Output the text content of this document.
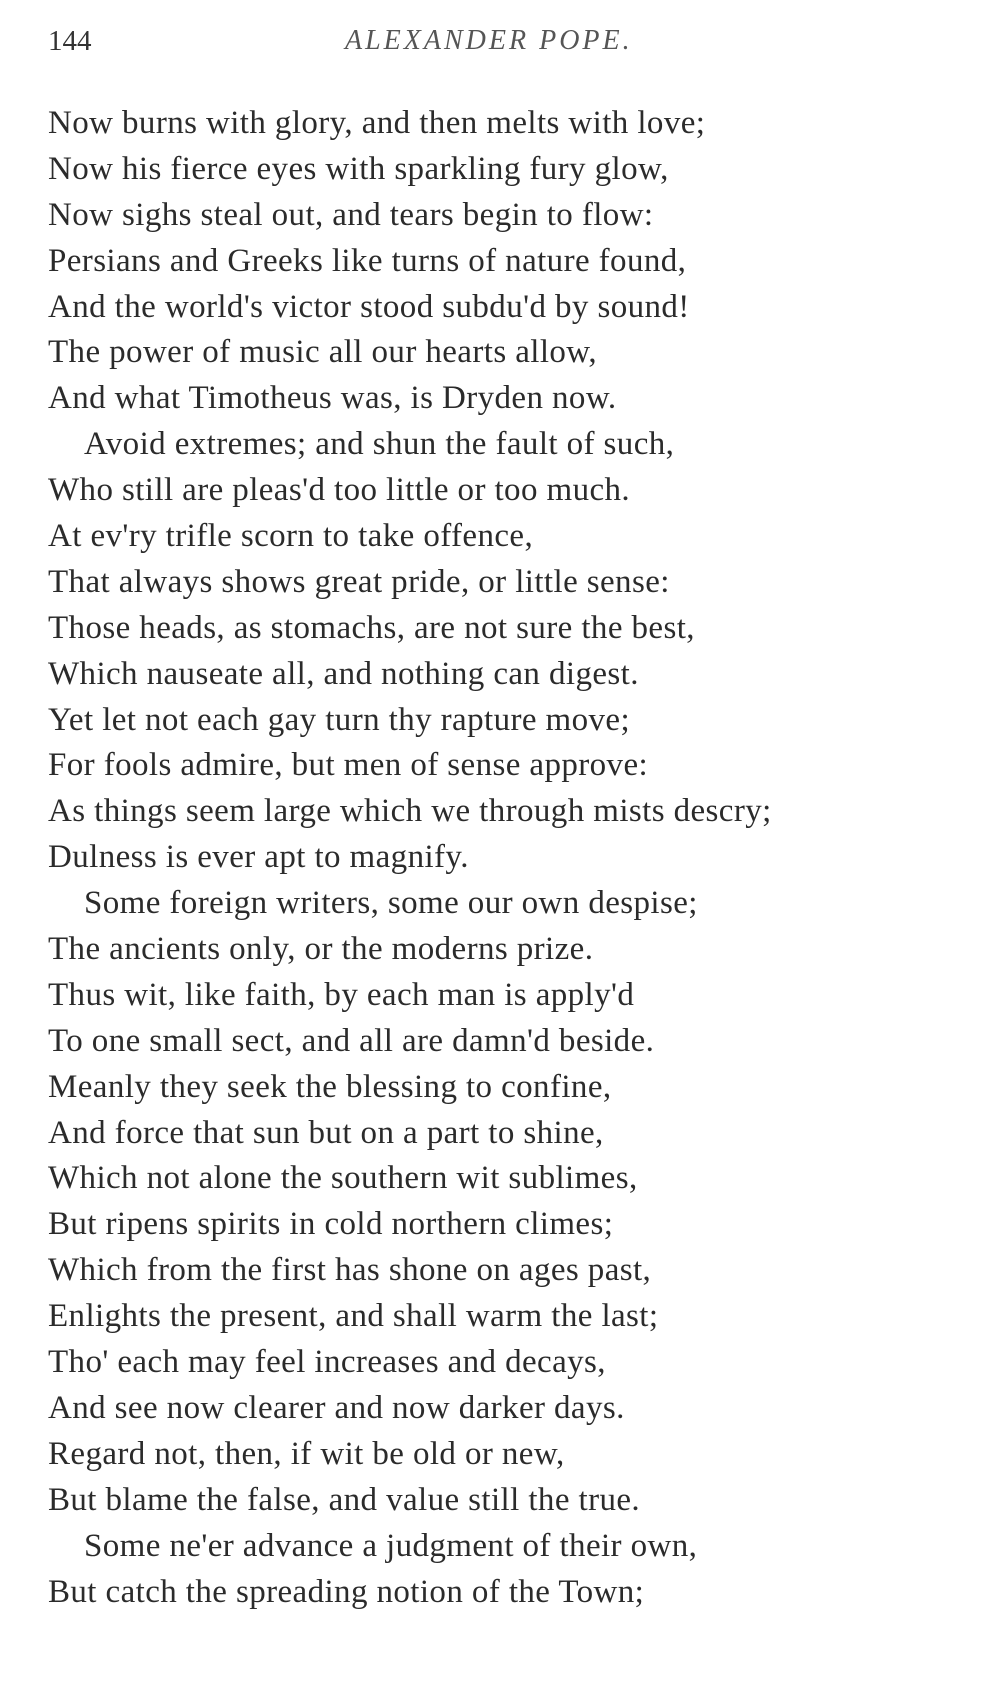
144	ALEXANDER POPE.
Now burns with glory, and then melts with love;
Now his fierce eyes with sparkling fury glow,
Now sighs steal out, and tears begin to flow:
Persians and Greeks like turns of nature found,
And the world's victor stood subdu'd by sound!
The power of music all our hearts allow,
And what Timotheus was, is Dryden now.
Avoid extremes; and shun the fault of such,
Who still are pleas'd too little or too much.
At ev'ry trifle scorn to take offence,
That always shows great pride, or little sense:
Those heads, as stomachs, are not sure the best,
Which nauseate all, and nothing can digest.
Yet let not each gay turn thy rapture move;
For fools admire, but men of sense approve:
As things seem large which we through mists descry;
Dulness is ever apt to magnify.
Some foreign writers, some our own despise;
The ancients only, or the moderns prize.
Thus wit, like faith, by each man is apply'd
To one small sect, and all are damn'd beside.
Meanly they seek the blessing to confine,
And force that sun but on a part to shine,
Which not alone the southern wit sublimes,
But ripens spirits in cold northern climes;
Which from the first has shone on ages past,
Enlights the present, and shall warm the last;
Tho' each may feel increases and decays,
And see now clearer and now darker days.
Regard not, then, if wit be old or new,
But blame the false, and value still the true.
Some ne'er advance a judgment of their own,
But catch the spreading notion of the Town;
